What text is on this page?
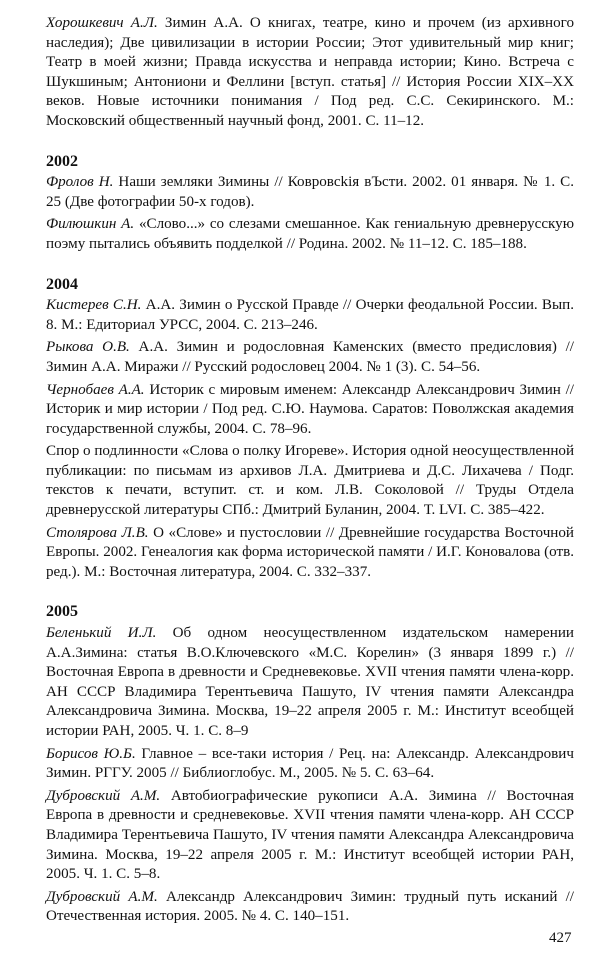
Хорошкевич А.Л. Зимин А.А. О книгах, театре, кино и прочем (из архивного наследия); Две цивилизации в истории России; Этот удивительный мир книг; Театр в моей жизни; Правда искусства и неправда истории; Кино. Встреча с Шукшиным; Антониони и Феллини [вступ. статья] // История России XIX–XX веков. Новые источники понимания / Под ред. С.С. Секиринского. М.: Московский общественный научный фонд, 2001. С. 11–12.

2002

Фролов Н. Наши земляки Зимины // Ковровсkія вЪсти. 2002. 01 января. № 1. С. 25 (Две фотографии 50-х годов).

Филюшкин А. «Слово...» со слезами смешанное. Как гениальную древнерусскую поэму пытались объявить подделкой // Родина. 2002. № 11–12. С. 185–188.

2004

Кистерев С.Н. А.А. Зимин о Русской Правде // Очерки феодальной России. Вып. 8. М.: Едиториал УРСС, 2004. С. 213–246.

Рыкова О.В. А.А. Зимин и родословная Каменских (вместо предисловия) // Зимин А.А. Миражи // Русский родословец 2004. № 1 (3). С. 54–56.

Чернобаев А.А. Историк с мировым именем: Александр Александрович Зимин // Историк и мир истории / Под ред. С.Ю. Наумова. Саратов: Поволжская академия государственной службы, 2004. С. 78–96.

Спор о подлинности «Слова о полку Игореве». История одной неосуществленной публикации: по письмам из архивов Л.А. Дмитриева и Д.С. Лихачева / Подг. текстов к печати, вступит. ст. и ком. Л.В. Соколовой // Труды Отдела древнерусской литературы СПб.: Дмитрий Буланин, 2004. Т. LVI. С. 385–422.

Столярова Л.В. О «Слове» и пустословии // Древнейшие государства Восточной Европы. 2002. Генеалогия как форма исторической памяти / И.Г. Коновалова (отв. ред.). М.: Восточная литература, 2004. С. 332–337.

2005

Беленький И.Л. Об одном неосуществленном издательском намерении А.А.Зимина: статья В.О.Ключевского «М.С. Корелин» (3 января 1899 г.) // Восточная Европа в древности и Средневековье. XVII чтения памяти члена-корр. АН СССР Владимира Терентьевича Пашуто, IV чтения памяти Александра Александровича Зимина. Москва, 19–22 апреля 2005 г. М.: Институт всеобщей истории РАН, 2005. Ч. 1. С. 8–9

Борисов Ю.Б. Главное – все-таки история / Рец. на: Александр. Александрович Зимин. РГГУ. 2005 // Библиоглобус. М., 2005. № 5. С. 63–64.

Дубровский А.М. Автобиографические рукописи А.А. Зимина // Восточная Европа в древности и средневековье. XVII чтения памяти члена-корр. АН СССР Владимира Терентьевича Пашуто, IV чтения памяти Александра Александровича Зимина. Москва, 19–22 апреля 2005 г. М.: Институт всеобщей истории РАН, 2005. Ч. 1. С. 5–8.

Дубровский А.М. Александр Александрович Зимин: трудный путь исканий // Отечественная история. 2005. № 4. С. 140–151.

427
